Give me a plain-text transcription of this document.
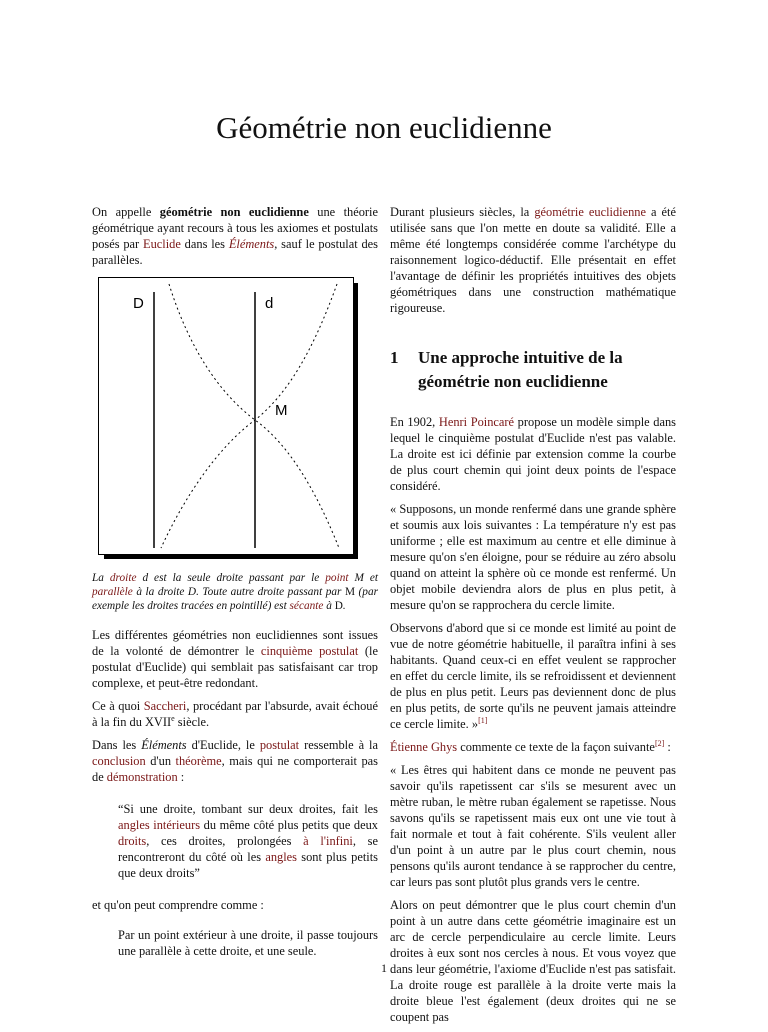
Géométrie non euclidienne

On appelle géométrie non euclidienne une théorie géométrique ayant recours à tous les axiomes et postulats posés par Euclide dans les Éléments, sauf le postulat des parallèles.

D	d
M

La droite d est la seule droite passant par le point M et parallèle à la droite D. Toute autre droite passant par M (par exemple les droites tracées en pointillé) est sécante à D.

Les différentes géométries non euclidiennes sont issues de la volonté de démontrer le cinquième postulat (le postulat d'Euclide) qui semblait pas satisfaisant car trop complexe, et peut-être redondant.

Ce à quoi Saccheri, procédant par l'absurde, avait échoué à la fin du XVIIe siècle.

Dans les Éléments d'Euclide, le postulat ressemble à la conclusion d'un théorème, mais qui ne comporterait pas de démonstration :

“Si une droite, tombant sur deux droites, fait les angles intérieurs du même côté plus petits que deux droits, ces droites, prolongées à l'infini, se rencontreront du côté où les angles sont plus petits que deux droits”

et qu'on peut comprendre comme :

Par un point extérieur à une droite, il passe toujours une parallèle à cette droite, et une seule.

Durant plusieurs siècles, la géométrie euclidienne a été utilisée sans que l'on mette en doute sa validité. Elle a même été longtemps considérée comme l'archétype du raisonnement logico-déductif. Elle présentait en effet l'avantage de définir les propriétés intuitives des objets géométriques dans une construction mathématique rigoureuse.

1 Une approche intuitive de la géométrie non euclidienne

En 1902, Henri Poincaré propose un modèle simple dans lequel le cinquième postulat d'Euclide n'est pas valable. La droite est ici définie par extension comme la courbe de plus court chemin qui joint deux points de l'espace considéré.

« Supposons, un monde renfermé dans une grande sphère et soumis aux lois suivantes : La température n'y est pas uniforme ; elle est maximum au centre et elle diminue à mesure qu'on s'en éloigne, pour se réduire au zéro absolu quand on atteint la sphère où ce monde est renfermé. Un objet mobile deviendra alors de plus en plus petit, à mesure qu'on se rapprochera du cercle limite.

Observons d'abord que si ce monde est limité au point de vue de notre géométrie habituelle, il paraîtra infini à ses habitants. Quand ceux-ci en effet veulent se rapprocher en effet du cercle limite, ils se refroidissent et deviennent de plus en plus petit. Leurs pas deviennent donc de plus en plus petits, de sorte qu'ils ne peuvent jamais atteindre ce cercle limite. »[1]

Étienne Ghys commente ce texte de la façon suivante[2] :

« Les êtres qui habitent dans ce monde ne peuvent pas savoir qu'ils rapetissent car s'ils se mesurent avec un mètre ruban, le mètre ruban également se rapetisse. Nous savons qu'ils se rapetissent mais eux ont une vie tout à fait normale et tout à fait cohérente. S'ils veulent aller d'un point à un autre par le plus court chemin, nous pensons qu'ils auront tendance à se rapprocher du centre, car leurs pas sont plutôt plus grands vers le centre.

Alors on peut démontrer que le plus court chemin d'un point à un autre dans cette géométrie imaginaire est un arc de cercle perpendiculaire au cercle limite. Leurs droites à eux sont nos cercles à nous. Et vous voyez que dans leur géométrie, l'axiome d'Euclide n'est pas satisfait. La droite rouge est parallèle à la droite verte mais la droite bleue l'est également (deux droites qui ne se coupent pas

1
